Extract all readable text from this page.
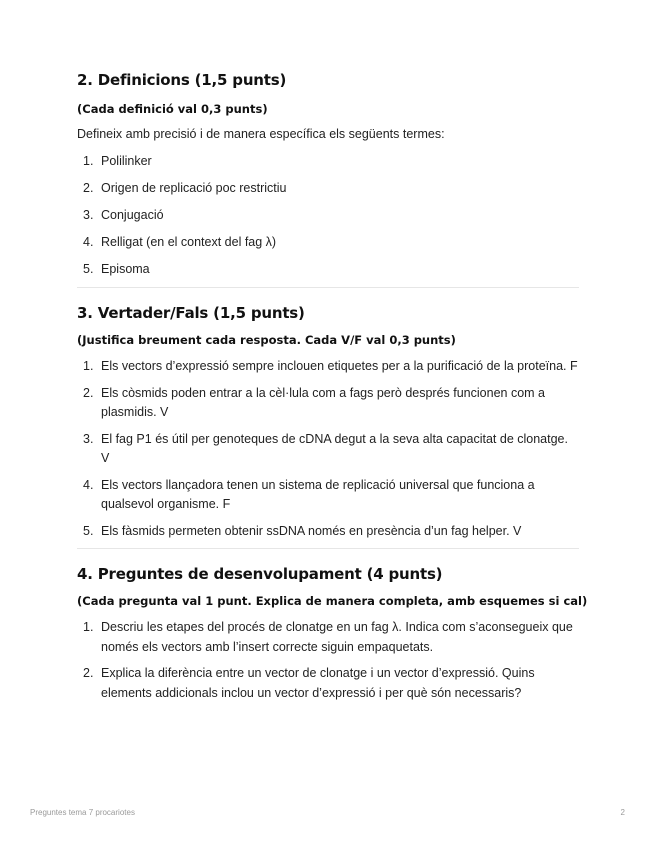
2. Definicions (1,5 punts)

(Cada definició val 0,3 punts)

Defineix amb precisió i de manera específica els següents termes:

1. Polilinker
2. Origen de replicació poc restrictiu
3. Conjugació
4. Relligat (en el context del fag λ)
5. Episoma
3. Vertader/Fals (1,5 punts)

(Justifica breument cada resposta. Cada V/F val 0,3 punts)

1. Els vectors d’expressió sempre inclouen etiquetes per a la purificació de la proteïna. F
2. Els còsmids poden entrar a la cèl·lula com a fags però després funcionen com a plasmidis. V
3. El fag P1 és útil per genoteques de cDNA degut a la seva alta capacitat de clonatge. V
4. Els vectors llançadora tenen un sistema de replicació universal que funciona a qualsevol organisme. F
5. Els fàsmids permeten obtenir ssDNA només en presència d’un fag helper. V
4. Preguntes de desenvolupament (4 punts)

(Cada pregunta val 1 punt. Explica de manera completa, amb esquemes si cal)

1. Descriu les etapes del procés de clonatge en un fag λ. Indica com s’aconsegueix que només els vectors amb l’insert correcte siguin empaquetats.
2. Explica la diferència entre un vector de clonatge i un vector d’expressió. Quins elements addicionals inclou un vector d’expressió i per què són necessaris?
Preguntes tema 7 procariotes	2
